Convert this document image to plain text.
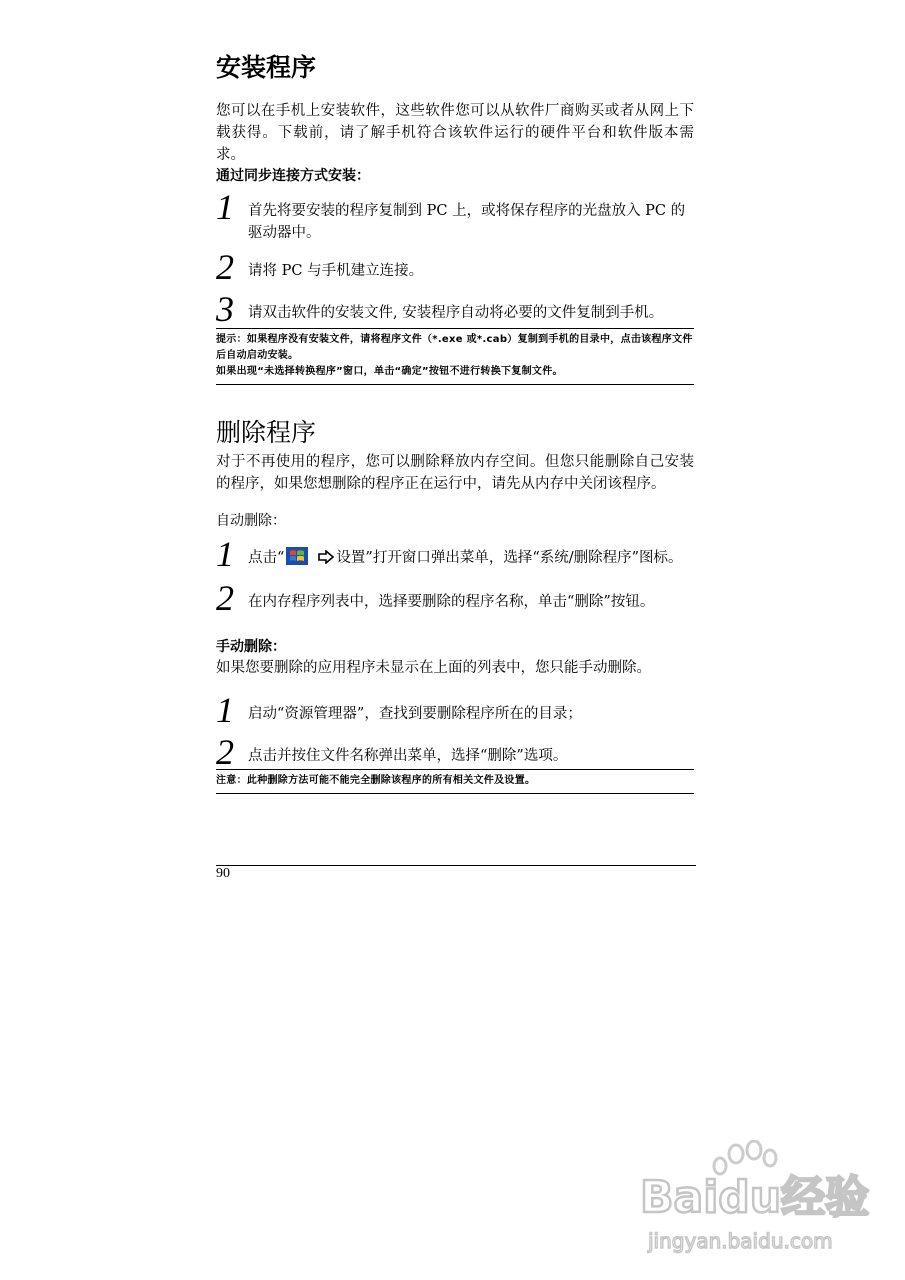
安装程序

您可以在手机上安装软件，这些软件您可以从软件厂商购买或者从网上下载获得。下载前，请了解手机符合该软件运行的硬件平台和软件版本需求。

通过同步连接方式安装：

1 首先将要安装的程序复制到 PC 上，或将保存程序的光盘放入 PC 的驱动器中。
2 请将 PC 与手机建立连接。
3 请双击软件的安装文件, 安装程序自动将必要的文件复制到手机。
提示：如果程序没有安装文件，请将程序文件（*.exe 或*.cab）复制到手机的目录中，点击该程序文件后自动启动安装。
如果出现“未选择转换程序”窗口，单击“确定”按钮不进行转换下复制文件。
删除程序

对于不再使用的程序，您可以删除释放内存空间。但您只能删除自己安装的程序，如果您想删除的程序正在运行中，请先从内存中关闭该程序。

自动删除：

1 点击“	设置”打开窗口弹出菜单，选择“系统/删除程序”图标。
2 在内存程序列表中，选择要删除的程序名称，单击“删除”按钮。

手动删除：

如果您要删除的应用程序未显示在上面的列表中，您只能手动删除。

1 启动“资源管理器”，查找到要删除程序所在的目录；
2 点击并按住文件名称弹出菜单，选择“删除”选项。
注意：此种删除方法可能不能完全删除该程序的所有相关文件及设置。
90
Baidu经验
jingyan.baidu.com
